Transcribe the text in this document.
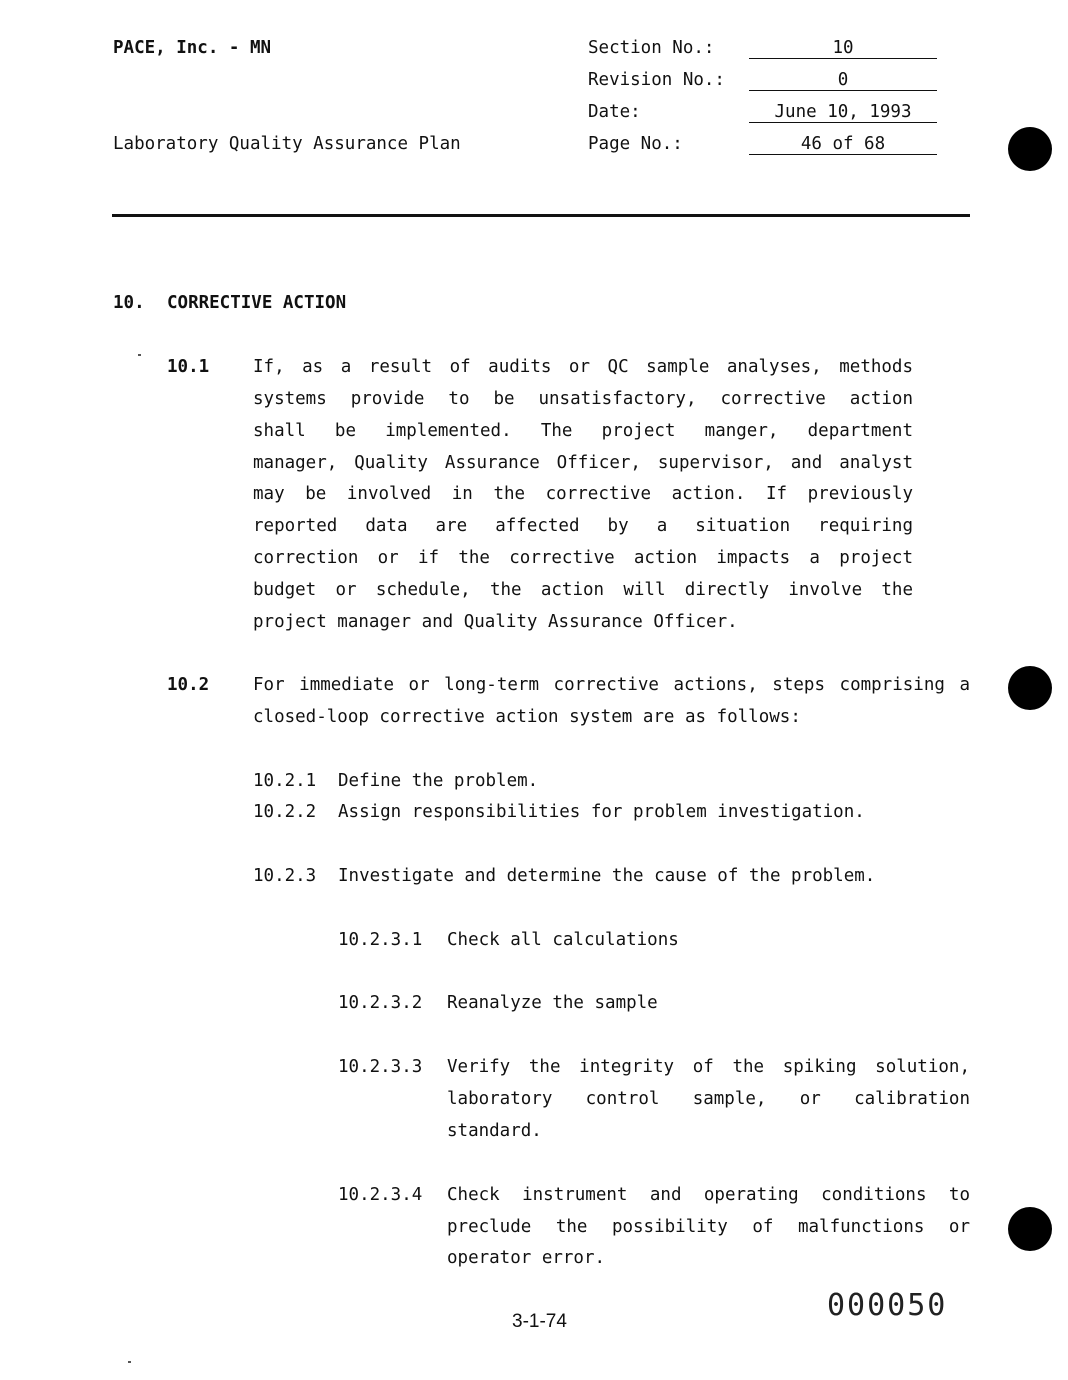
PACE, Inc. - MN
Laboratory Quality Assurance Plan
Section No.:	10
Revision No.:	0
Date:	June 10, 1993
Page No.:	46 of 68
10. CORRECTIVE ACTION
10.1	If, as a result of audits or QC sample analyses, methods
systems provide to be unsatisfactory, corrective action
shall be implemented. The project manger, department
manager, Quality Assurance Officer, supervisor, and analyst
may be involved in the corrective action. If previously
reported data are affected by a situation requiring
correction or if the corrective action impacts a project
budget or schedule, the action will directly involve the
project manager and Quality Assurance Officer.
10.2	For immediate or long-term corrective actions, steps comprising a
closed-loop corrective action system are as follows:
10.2.1 Define the problem.
10.2.2 Assign responsibilities for problem investigation.
10.2.3 Investigate and determine the cause of the problem.
10.2.3.1 Check all calculations
10.2.3.2 Reanalyze the sample
10.2.3.3 Verify the integrity of the spiking solution,
laboratory control sample, or calibration
standard.
10.2.3.4 Check instrument and operating conditions to
preclude the possibility of malfunctions or
operator error.
000050
3-1-74
